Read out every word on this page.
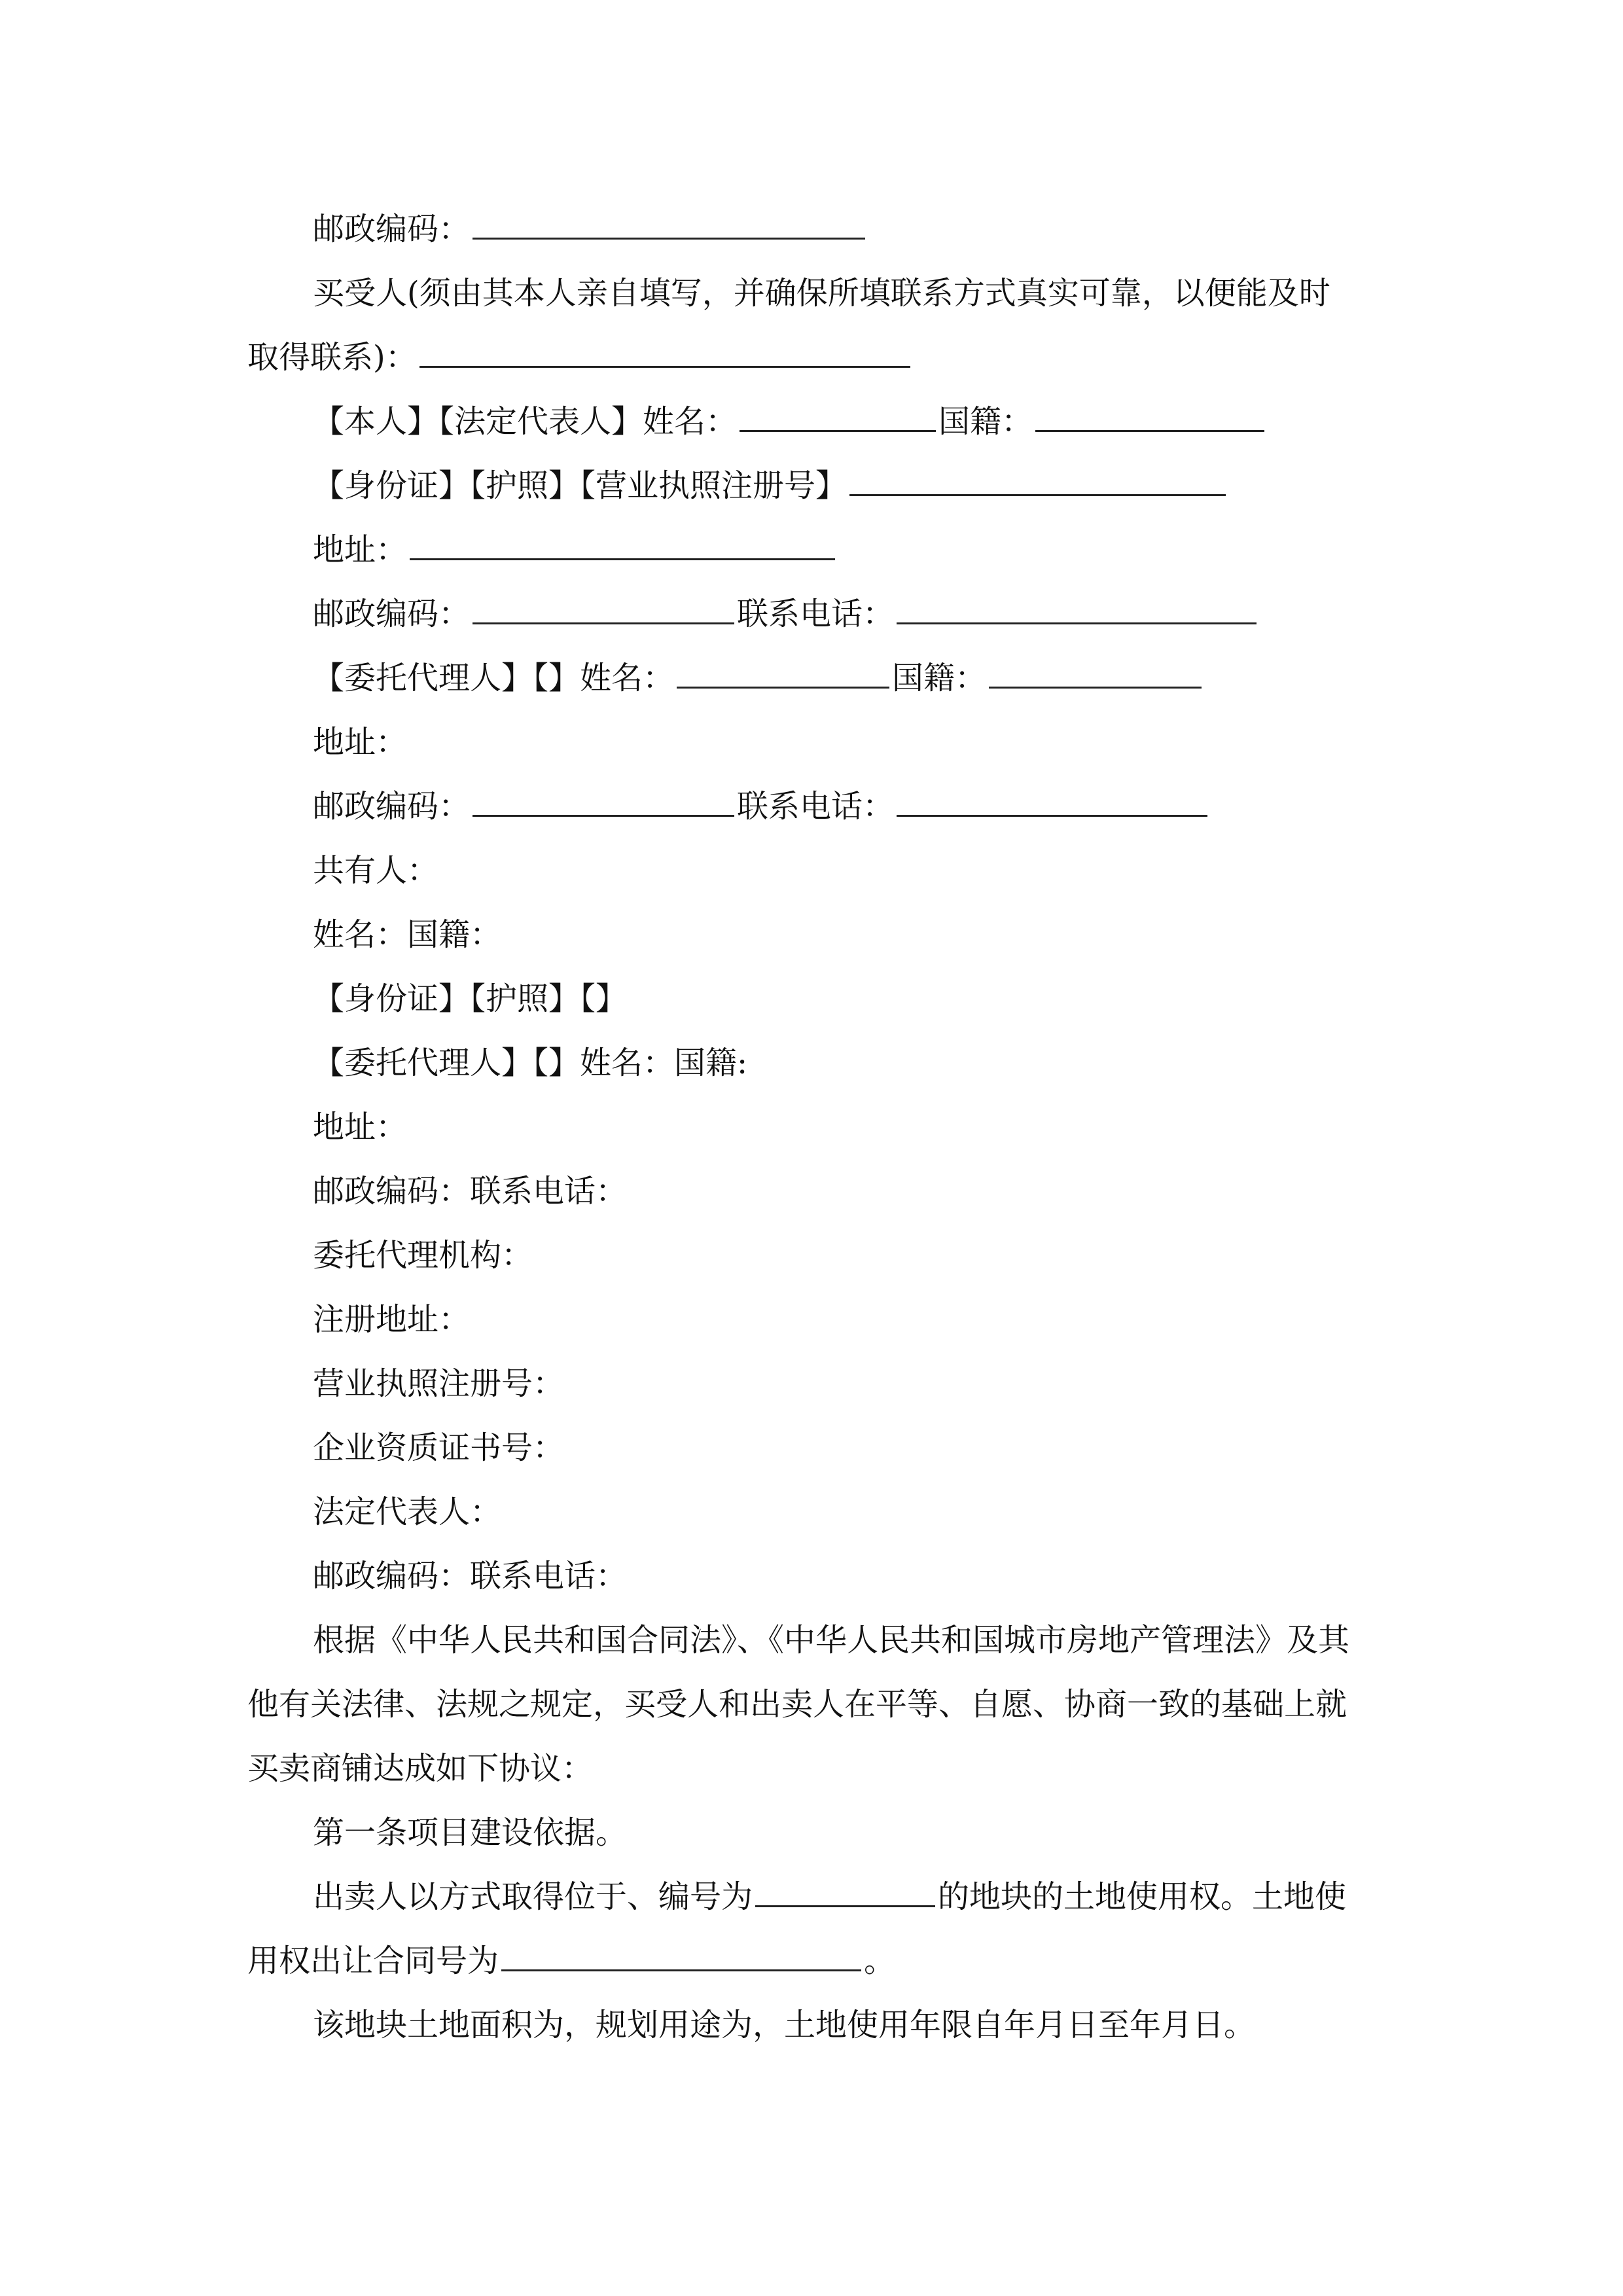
邮政编码：
买受人(须由其本人亲自填写，并确保所填联系方式真实可靠，以便能及时
取得联系)：
【本人】【法定代表人】姓名：	国籍：
【身份证】【护照】【营业执照注册号】
地址：
邮政编码：	联系电话：
【委托代理人】【】姓名：	国籍：
地址：
邮政编码：	联系电话：
共有人：
姓名：国籍：
【身份证】【护照】【】
【委托代理人】【】姓名：国籍:
地址：
邮政编码：联系电话：
委托代理机构：
注册地址：
营业执照注册号：
企业资质证书号：
法定代表人：
邮政编码：联系电话：
根据《中华人民共和国合同法》、《中华人民共和国城市房地产管理法》及其
他有关法律、法规之规定，买受人和出卖人在平等、自愿、协商一致的基础上就
买卖商铺达成如下协议：
第一条项目建设依据。
出卖人以方式取得位于、编号为	的地块的土地使用权。土地使
用权出让合同号为	。
该地块土地面积为，规划用途为，土地使用年限自年月日至年月日。
